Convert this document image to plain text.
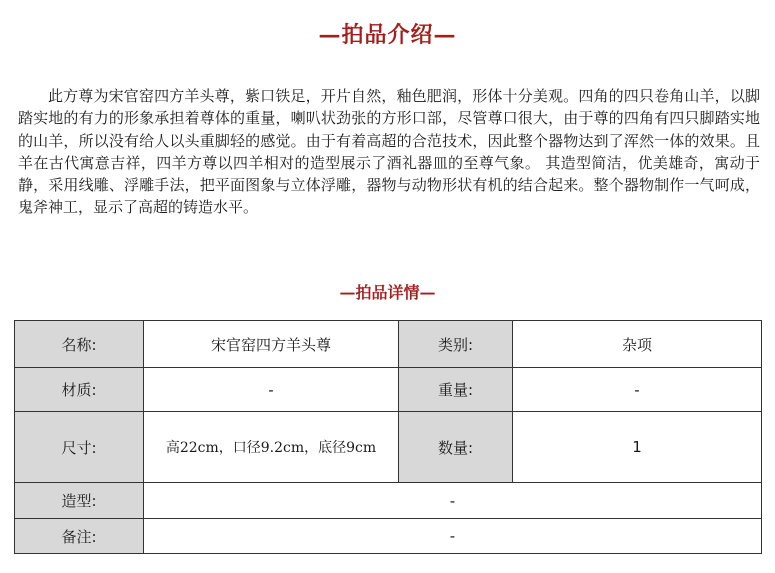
—拍品介绍—

此方尊为宋官窑四方羊头尊，紫口铁足，开片自然，釉色肥润，形体十分美观。四角的四只卷角山羊，以脚踏实地的有力的形象承担着尊体的重量，喇叭状劲张的方形口部，尽管尊口很大，由于尊的四角有四只脚踏实地的山羊，所以没有给人以头重脚轻的感觉。由于有着高超的合范技术，因此整个器物达到了浑然一体的效果。且羊在古代寓意吉祥，四羊方尊以四羊相对的造型展示了酒礼器皿的至尊气象。 其造型简洁，优美雄奇，寓动于静，采用线雕、浮雕手法，把平面图象与立体浮雕，器物与动物形状有机的结合起来。整个器物制作一气呵成，鬼斧神工，显示了高超的铸造水平。

—拍品详情—
名称:	宋官窑四方羊头尊	类别:	杂项
材质:	-	重量:	-
尺寸:	高22cm，口径9.2cm，底径9cm	数量:	1
造型:	-		
备注:	-		
